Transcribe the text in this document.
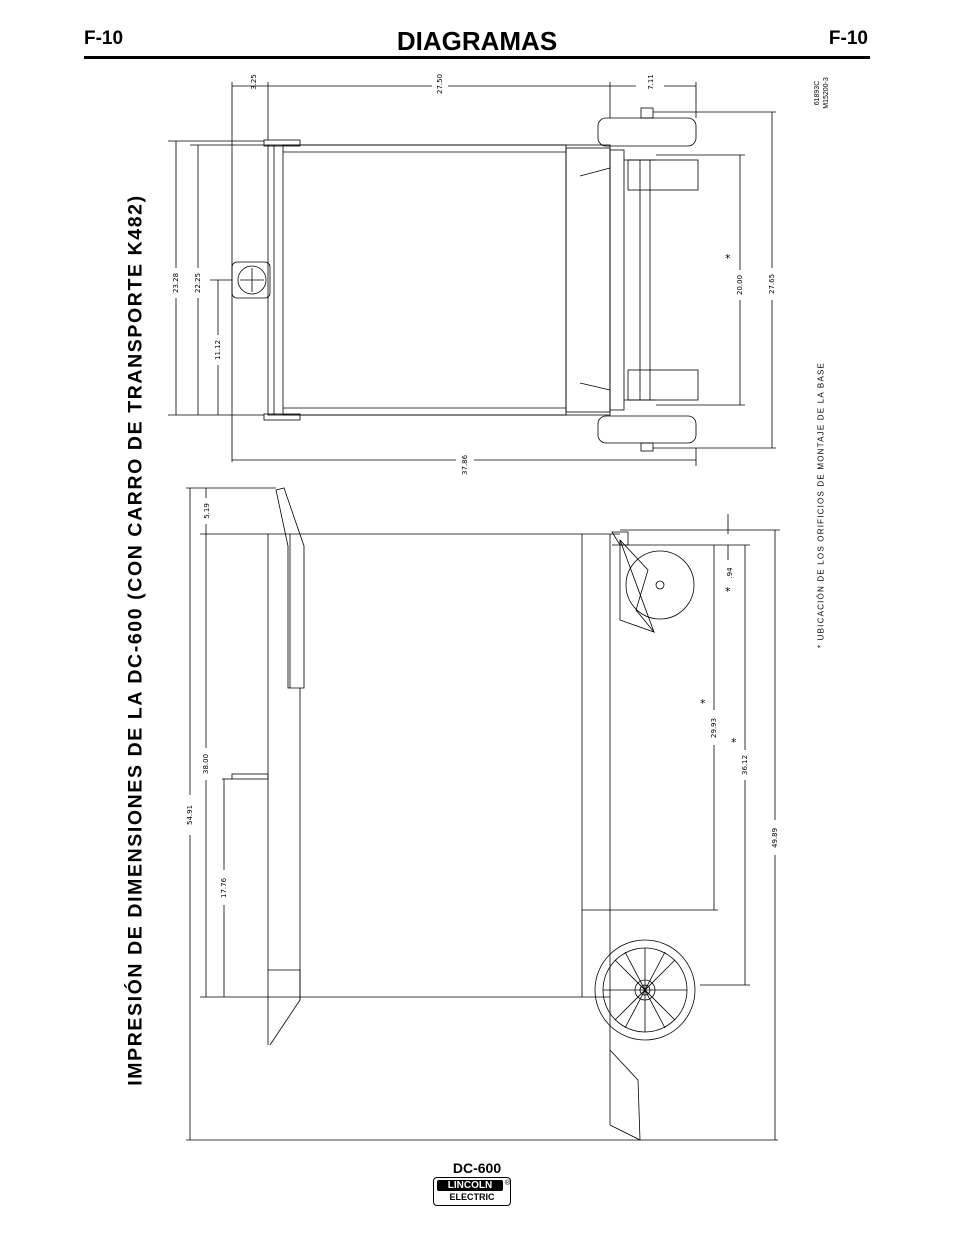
F-10	DIAGRAMAS	F-10
IMPRESIÓN DE DIMENSIONES DE LA DC-600 (CON CARRO DE TRANSPORTE K482)	* UBICACIÓN DE LOS ORIFICIOS DE MONTAJE DE LA BASE
61893C M15200-3
3.25	27.50	7.11
23.28 22.25
11.12
20.00	27.65
37.86
5.19
54.91
38.00
17.76
.94
29.93
36.12
49.89
*
*
*
*
DC-600
LINCOLN	®
ELECTRIC
